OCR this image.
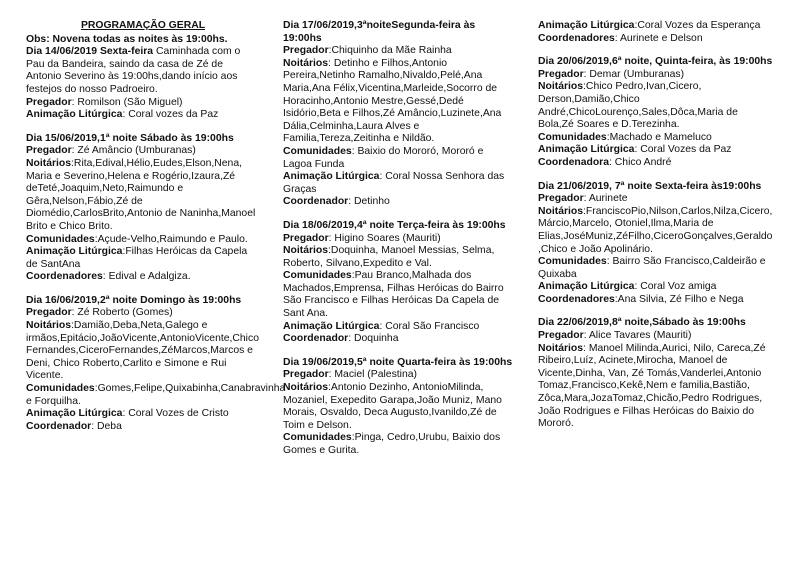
PROGRAMAÇÃO GERAL

Obs: Novena todas as noites às 19:00hs.

Dia 14/06/2019 Sexta-feira Caminhada com o Pau da Bandeira, saindo da casa de Zé de Antonio Severino às 19:00hs,dando início aos festejos do nosso Padroeiro.

Pregador: Romilson (São Miguel)

Animação Litúrgica: Coral vozes da Paz

Dia 15/06/2019,1ª noite Sábado às 19:00hs

Pregador: Zé Amâncio (Umburanas)

Noitários:Rita,Edival,Hélio,Eudes,Elson,Nena, Maria e Severino,Helena e Rogério,Izaura,Zé deTeté,Joaquim,Neto,Raimundo e Gêra,Nelson,Fábio,Zé de Diomédio,CarlosBrito,Antonio de Naninha,Manoel Brito e Chico Brito.

Comunidades:Açude-Velho,Raimundo e Paulo.

Animação Litúrgica:Filhas Heróicas da Capela de SantAna

Coordenadores: Edival e Adalgiza.

Dia 16/06/2019,2ª noite Domingo às 19:00hs

Pregador: Zé Roberto (Gomes)

Noitários:Damião,Deba,Neta,Galego e irmãos,Epitácio,JoãoVicente,AntonioVicente,Chico Fernandes,CiceroFernandes,ZéMarcos,Marcos e Deni, Chico Roberto,Carlito e Simone e Rui Vicente.

Comunidades:Gomes,Felipe,Quixabinha,Canabravinha e Forquilha.

Animação Litúrgica: Coral Vozes de Cristo

Coordenador: Deba

Dia 17/06/2019,3ªnoiteSegunda-feira às 19:00hs

Pregador:Chiquinho da Mãe Rainha

Noitários: Detinho e Filhos,Antonio Pereira,Netinho Ramalho,Nivaldo,Pelé,Ana Maria,Ana Félix,Vicentina,Marleide,Socorro de Horacinho,Antonio Mestre,Gessé,Dedé Isidório,Beta e Filhos,Zé Amâncio,Luzinete,Ana Dália,Celminha,Laura Alves e Familia,Tereza,Zeitinha e Nildão.

Comunidades: Baixio do Mororó, Mororó e Lagoa Funda

Animação Litúrgica: Coral Nossa Senhora das Graças

Coordenador: Detinho

Dia 18/06/2019,4ª noite Terça-feira às 19:00hs

Pregador: Higino Soares (Mauriti)

Noitários:Doquinha, Manoel Messias, Selma, Roberto, Silvano,Expedito e Val.

Comunidades:Pau Branco,Malhada dos Machados,Emprensa, Filhas Heróicas do Bairro São Francisco e Filhas Heróicas Da Capela de Sant Ana.

Animação Litúrgica: Coral São Francisco

Coordenador: Doquinha

Dia 19/06/2019,5ª noite Quarta-feira às 19:00hs

Pregador: Maciel (Palestina)

Noitários:Antonio Dezinho, AntonioMilinda, Mozaniel, Exepedito Garapa,João Muniz, Mano Morais, Osvaldo, Deca Augusto,Ivanildo,Zé de Toim e Delson.

Comunidades:Pinga, Cedro,Urubu, Baixio dos Gomes e Gurita.

Animação Litúrgica:Coral Vozes da Esperança

Coordenadores: Aurinete e Delson

Dia 20/06/2019,6ª noite, Quinta-feira, às 19:00hs

Pregador: Demar (Umburanas)

Noitários:Chico Pedro,Ivan,Cicero, Derson,Damião,Chico André,ChicoLourenço,Sales,Dôca,Maria de Bola,Zé Soares e D.Terezinha.

Comunidades:Machado e Mameluco

Animação Litúrgica: Coral Vozes da Paz

Coordenadora: Chico André

Dia 21/06/2019, 7ª noite Sexta-feira às19:00hs

Pregador: Aurinete

Noitários:FranciscoPio,Nilson,Carlos,Nilza,Cicero, Márcio,Marcelo, Otoniel,Ilma,Maria de Elias,JoséMuniz,ZéFilho,CiceroGonçalves,Geraldo ,Chico e João Apolinário.

Comunidades: Bairro São Francisco,Caldeirão e Quixaba

Animação Litúrgica: Coral Voz amiga

Coordenadores:Ana Silvia, Zé Filho e Nega

Dia 22/06/2019,8ª noite,Sábado às 19:00hs

Pregador: Alice Tavares (Mauriti)

Noitários: Manoel Milinda,Aurici, Nilo, Careca,Zé Ribeiro,Luíz, Acinete,Mirocha, Manoel de Vicente,Dinha, Van, Zé Tomás,Vanderlei,Antonio Tomaz,Francisco,Kekê,Nem e familia,Bastião, Zôca,Mara,JozaTomaz,Chicão,Pedro Rodrigues, João Rodrigues e Filhas Heróicas do Baixio do Mororó.
